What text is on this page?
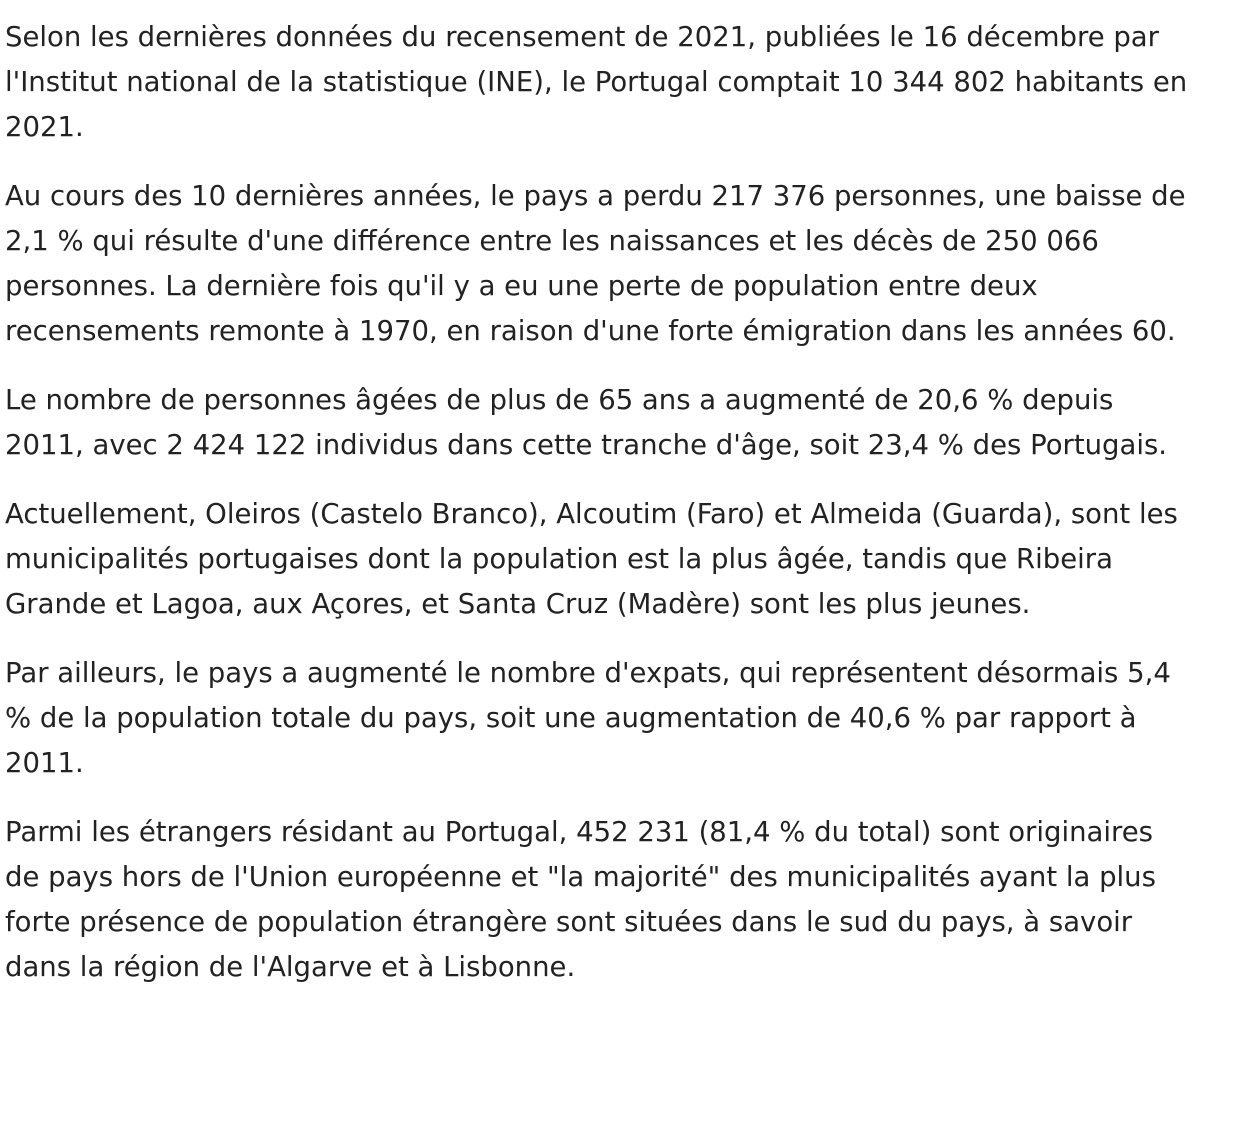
Selon les dernières données du recensement de 2021, publiées le 16 décembre par l'Institut national de la statistique (INE), le Portugal comptait 10 344 802 habitants en 2021.

Au cours des 10 dernières années, le pays a perdu 217 376 personnes, une baisse de 2,1 % qui résulte d'une différence entre les naissances et les décès de 250 066 personnes. La dernière fois qu'il y a eu une perte de population entre deux recensements remonte à 1970, en raison d'une forte émigration dans les années 60.

Le nombre de personnes âgées de plus de 65 ans a augmenté de 20,6 % depuis 2011, avec 2 424 122 individus dans cette tranche d'âge, soit 23,4 % des Portugais.

Actuellement, Oleiros (Castelo Branco), Alcoutim (Faro) et Almeida (Guarda), sont les municipalités portugaises dont la population est la plus âgée, tandis que Ribeira Grande et Lagoa, aux Açores, et Santa Cruz (Madère) sont les plus jeunes.

Par ailleurs, le pays a augmenté le nombre d'expats, qui représentent désormais 5,4 % de la population totale du pays, soit une augmentation de 40,6 % par rapport à 2011.

Parmi les étrangers résidant au Portugal, 452 231 (81,4 % du total) sont originaires de pays hors de l'Union européenne et "la majorité" des municipalités ayant la plus forte présence de population étrangère sont situées dans le sud du pays, à savoir dans la région de l'Algarve et à Lisbonne.
